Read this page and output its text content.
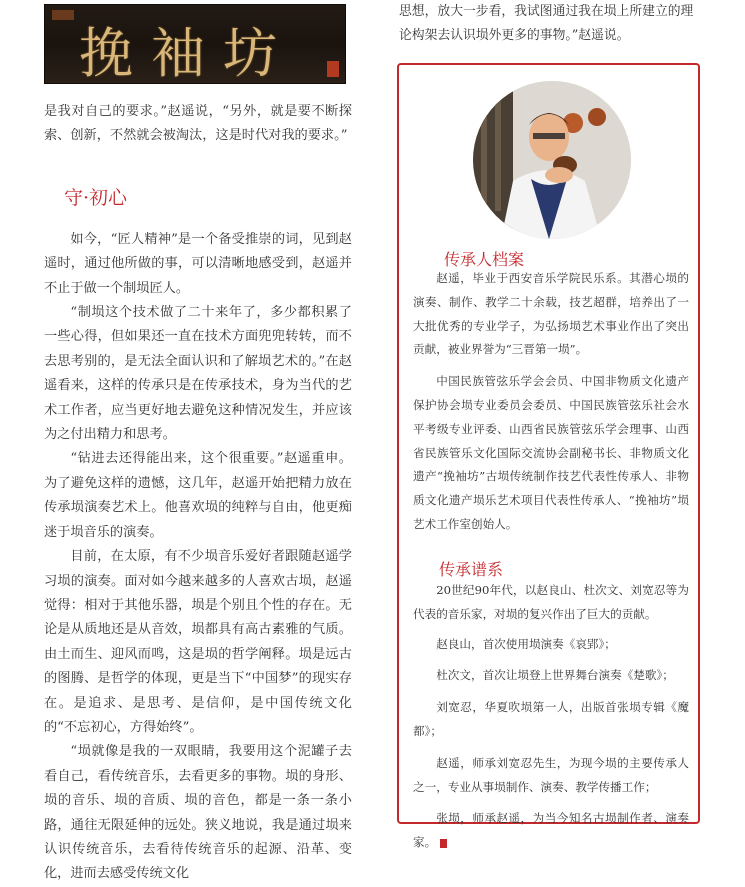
挽袖坊

是我对自己的要求。”赵遥说，“另外，就是要不断探索、创新，不然就会被淘汰，这是时代对我的要求。”

守·初心

如今，“匠人精神”是一个备受推崇的词，见到赵遥时，通过他所做的事，可以清晰地感受到，赵遥并不止于做一个制埙匠人。

“制埙这个技术做了二十来年了，多少都积累了一些心得，但如果还一直在技术方面兜兜转转，而不去思考别的，是无法全面认识和了解埙艺术的。”在赵遥看来，这样的传承只是在传承技术，身为当代的艺术工作者，应当更好地去避免这种情况发生，并应该为之付出精力和思考。

“钻进去还得能出来，这个很重要。”赵遥重申。为了避免这样的遗憾，这几年，赵遥开始把精力放在传承埙演奏艺术上。他喜欢埙的纯粹与自由，他更痴迷于埙音乐的演奏。

目前，在太原，有不少埙音乐爱好者跟随赵遥学习埙的演奏。面对如今越来越多的人喜欢古埙，赵遥觉得：相对于其他乐器，埙是个别且个性的存在。无论是从质地还是从音效，埙都具有高古素雅的气质。由土而生、迎风而鸣，这是埙的哲学阐释。埙是远古的图腾、是哲学的体现，更是当下“中国梦”的现实存在。是追求、是思考、是信仰，是中国传统文化的“不忘初心，方得始终”。

“埙就像是我的一双眼睛，我要用这个泥罐子去看自己，看传统音乐，去看更多的事物。埙的身形、埙的音乐、埙的音质、埙的音色，都是一条一条小路，通往无限延伸的远处。狭义地说，我是通过埙来认识传统音乐，去看待传统音乐的起源、沿革、变化，进而去感受传统文化

思想，放大一步看，我试图通过我在埙上所建立的理论构架去认识埙外更多的事物。”赵遥说。

传承人档案

赵遥，毕业于西安音乐学院民乐系。其潜心埙的演奏、制作、教学二十余载，技艺超群，培养出了一大批优秀的专业学子，为弘扬埙艺术事业作出了突出贡献，被业界誉为“三晋第一埙”。

中国民族管弦乐学会会员、中国非物质文化遗产保护协会埙专业委员会委员、中国民族管弦乐社会水平考级专业评委、山西省民族管弦乐学会理事、山西省民族管乐文化国际交流协会副秘书长、非物质文化遗产“挽袖坊”古埙传统制作技艺代表性传承人、非物质文化遗产埙乐艺术项目代表性传承人、“挽袖坊”埙艺术工作室创始人。

传承谱系

20世纪90年代，以赵良山、杜次文、刘宽忍等为代表的音乐家，对埙的复兴作出了巨大的贡献。

赵良山，首次使用埙演奏《哀郢》；

杜次文，首次让埙登上世界舞台演奏《楚歌》；

刘宽忍，华夏吹埙第一人，出版首张埙专辑《魔都》；

赵遥，师承刘宽忍先生，为现今埙的主要传承人之一，专业从事埙制作、演奏、教学传播工作；

张埙，师承赵遥，为当今知名古埙制作者、演奏家。
